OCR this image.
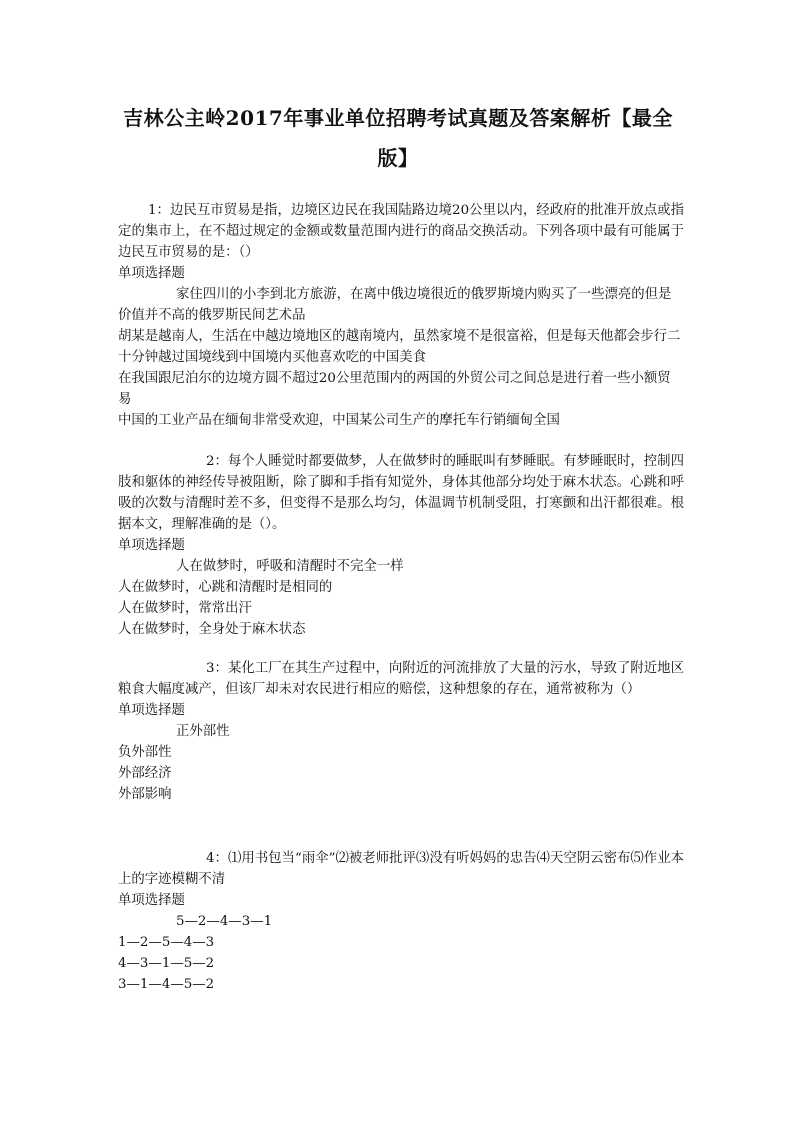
吉林公主岭2017年事业单位招聘考试真题及答案解析【最全版】

1：边民互市贸易是指，边境区边民在我国陆路边境20公里以内，经政府的批准开放点或指定的集市上，在不超过规定的金额或数量范围内进行的商品交换活动。下列各项中最有可能属于边民互市贸易的是：（）

单项选择题

家住四川的小李到北方旅游，在离中俄边境很近的俄罗斯境内购买了一些漂亮的但是价值并不高的俄罗斯民间艺术品

胡某是越南人，生活在中越边境地区的越南境内，虽然家境不是很富裕，但是每天他都会步行二十分钟越过国境线到中国境内买他喜欢吃的中国美食

在我国跟尼泊尔的边境方圆不超过20公里范围内的两国的外贸公司之间总是进行着一些小额贸易

中国的工业产品在缅甸非常受欢迎，中国某公司生产的摩托车行销缅甸全国

2：每个人睡觉时都要做梦，人在做梦时的睡眠叫有梦睡眠。有梦睡眠时，控制四肢和躯体的神经传导被阻断，除了脚和手指有知觉外，身体其他部分均处于麻木状态。心跳和呼吸的次数与清醒时差不多，但变得不是那么均匀，体温调节机制受阻，打寒颤和出汗都很难。根据本文，理解准确的是（）。

单项选择题

人在做梦时，呼吸和清醒时不完全一样

人在做梦时，心跳和清醒时是相同的

人在做梦时，常常出汗

人在做梦时，全身处于麻木状态

3：某化工厂在其生产过程中，向附近的河流排放了大量的污水，导致了附近地区粮食大幅度减产，但该厂却未对农民进行相应的赔偿，这种想象的存在，通常被称为（）

单项选择题

正外部性

负外部性

外部经济

外部影响

4：⑴用书包当“雨伞”⑵被老师批评⑶没有听妈妈的忠告⑷天空阴云密布⑸作业本上的字迹模糊不清

单项选择题

5—2—4—3—1

1—2—5—4—3

4—3—1—5—2

3—1—4—5—2
